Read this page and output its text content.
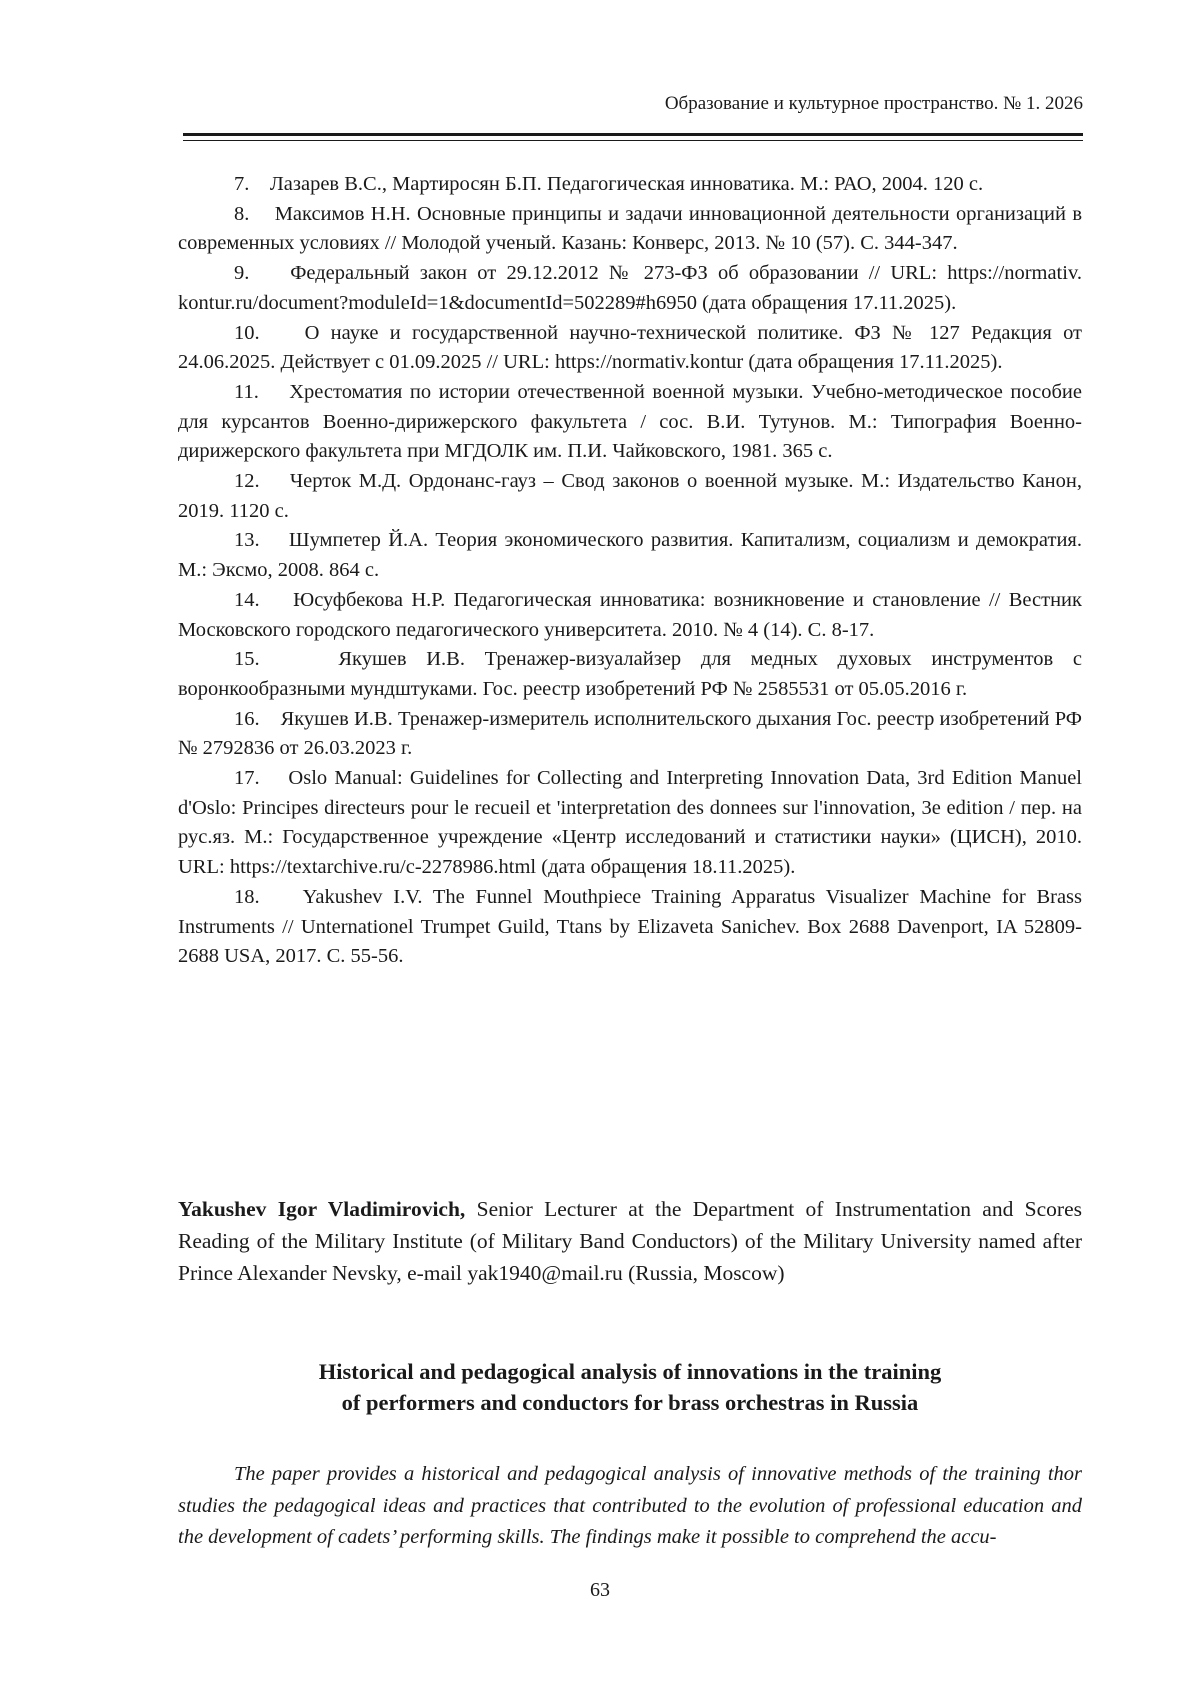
Образование и культурное пространство. № 1. 2026

7. Лазарев В.С., Мартиросян Б.П. Педагогическая инноватика. М.: РАО, 2004. 120 с.

8. Максимов Н.Н. Основные принципы и задачи инновационной деятельности организаций в современных условиях // Молодой ученый. Казань: Конверс, 2013. № 10 (57). С. 344-347.

9. Федеральный закон от 29.12.2012 № 273-ФЗ об образовании // URL: https://normativ. kontur.ru/document?moduleId=1&documentId=502289#h6950 (дата обращения 17.11.2025).

10. О науке и государственной научно-технической политике. ФЗ № 127 Редакция от 24.06.2025. Действует с 01.09.2025 // URL: https://normativ.kontur (дата обращения 17.11.2025).

11. Хрестоматия по истории отечественной военной музыки. Учебно-методическое пособие для курсантов Военно-дирижерского факультета / сос. В.И. Тутунов. М.: Типография Военно-дирижерского факультета при МГДОЛК им. П.И. Чайковского, 1981. 365 с.

12. Черток М.Д. Ордонанс-гауз – Свод законов о военной музыке. М.: Издательство Канон, 2019. 1120 с.

13. Шумпетер Й.А. Теория экономического развития. Капитализм, социализм и демократия. М.: Эксмо, 2008. 864 с.

14. Юсуфбекова Н.Р. Педагогическая инноватика: возникновение и становление // Вестник Московского городского педагогического университета. 2010. № 4 (14). С. 8-17.

15.	Якушев И.В. Тренажер-визуалайзер для медных духовых инструментов с воронкообразными мундштуками. Гос. реестр изобретений РФ № 2585531 от 05.05.2016 г.

16. Якушев И.В. Тренажер-измеритель исполнительского дыхания Гос. реестр изобретений РФ № 2792836 от 26.03.2023 г.

17. Oslo Manual: Guidelines for Collecting and Interpreting Innovation Data, 3rd Edition Manuel d'Oslo: Principes directeurs pour le recueil et 'interpretation des donnees sur l'innovation, 3e edition / пер. на рус.яз. М.: Государственное учреждение «Центр исследований и статистики науки» (ЦИСН), 2010. URL: https://textarchive.ru/c-2278986.html (дата обращения 18.11.2025).

18. Yakushev I.V. The Funnel Mouthpiece Training Apparatus Visualizer Machine for Brass Instruments // Unternationel Trumpet Guild, Ttans by Elizaveta Sanichev. Box 2688 Davenport, IA 52809-2688 USA, 2017. С. 55-56.

Yakushev Igor Vladimirovich, Senior Lecturer at the Department of Instrumentation and Scores Reading of the Military Institute (of Military Band Conductors) of the Military University named after Prince Alexander Nevsky, e-mail yak1940@mail.ru (Russia, Moscow)

Historical and pedagogical analysis of innovations in the training
of performers and conductors for brass orchestras in Russia

The paper provides a historical and pedagogical analysis of innovative methods of the training thor studies the pedagogical ideas and practices that contributed to the evolution of professional education and the development of cadets’ performing skills. The findings make it possible to comprehend the accu-

63
